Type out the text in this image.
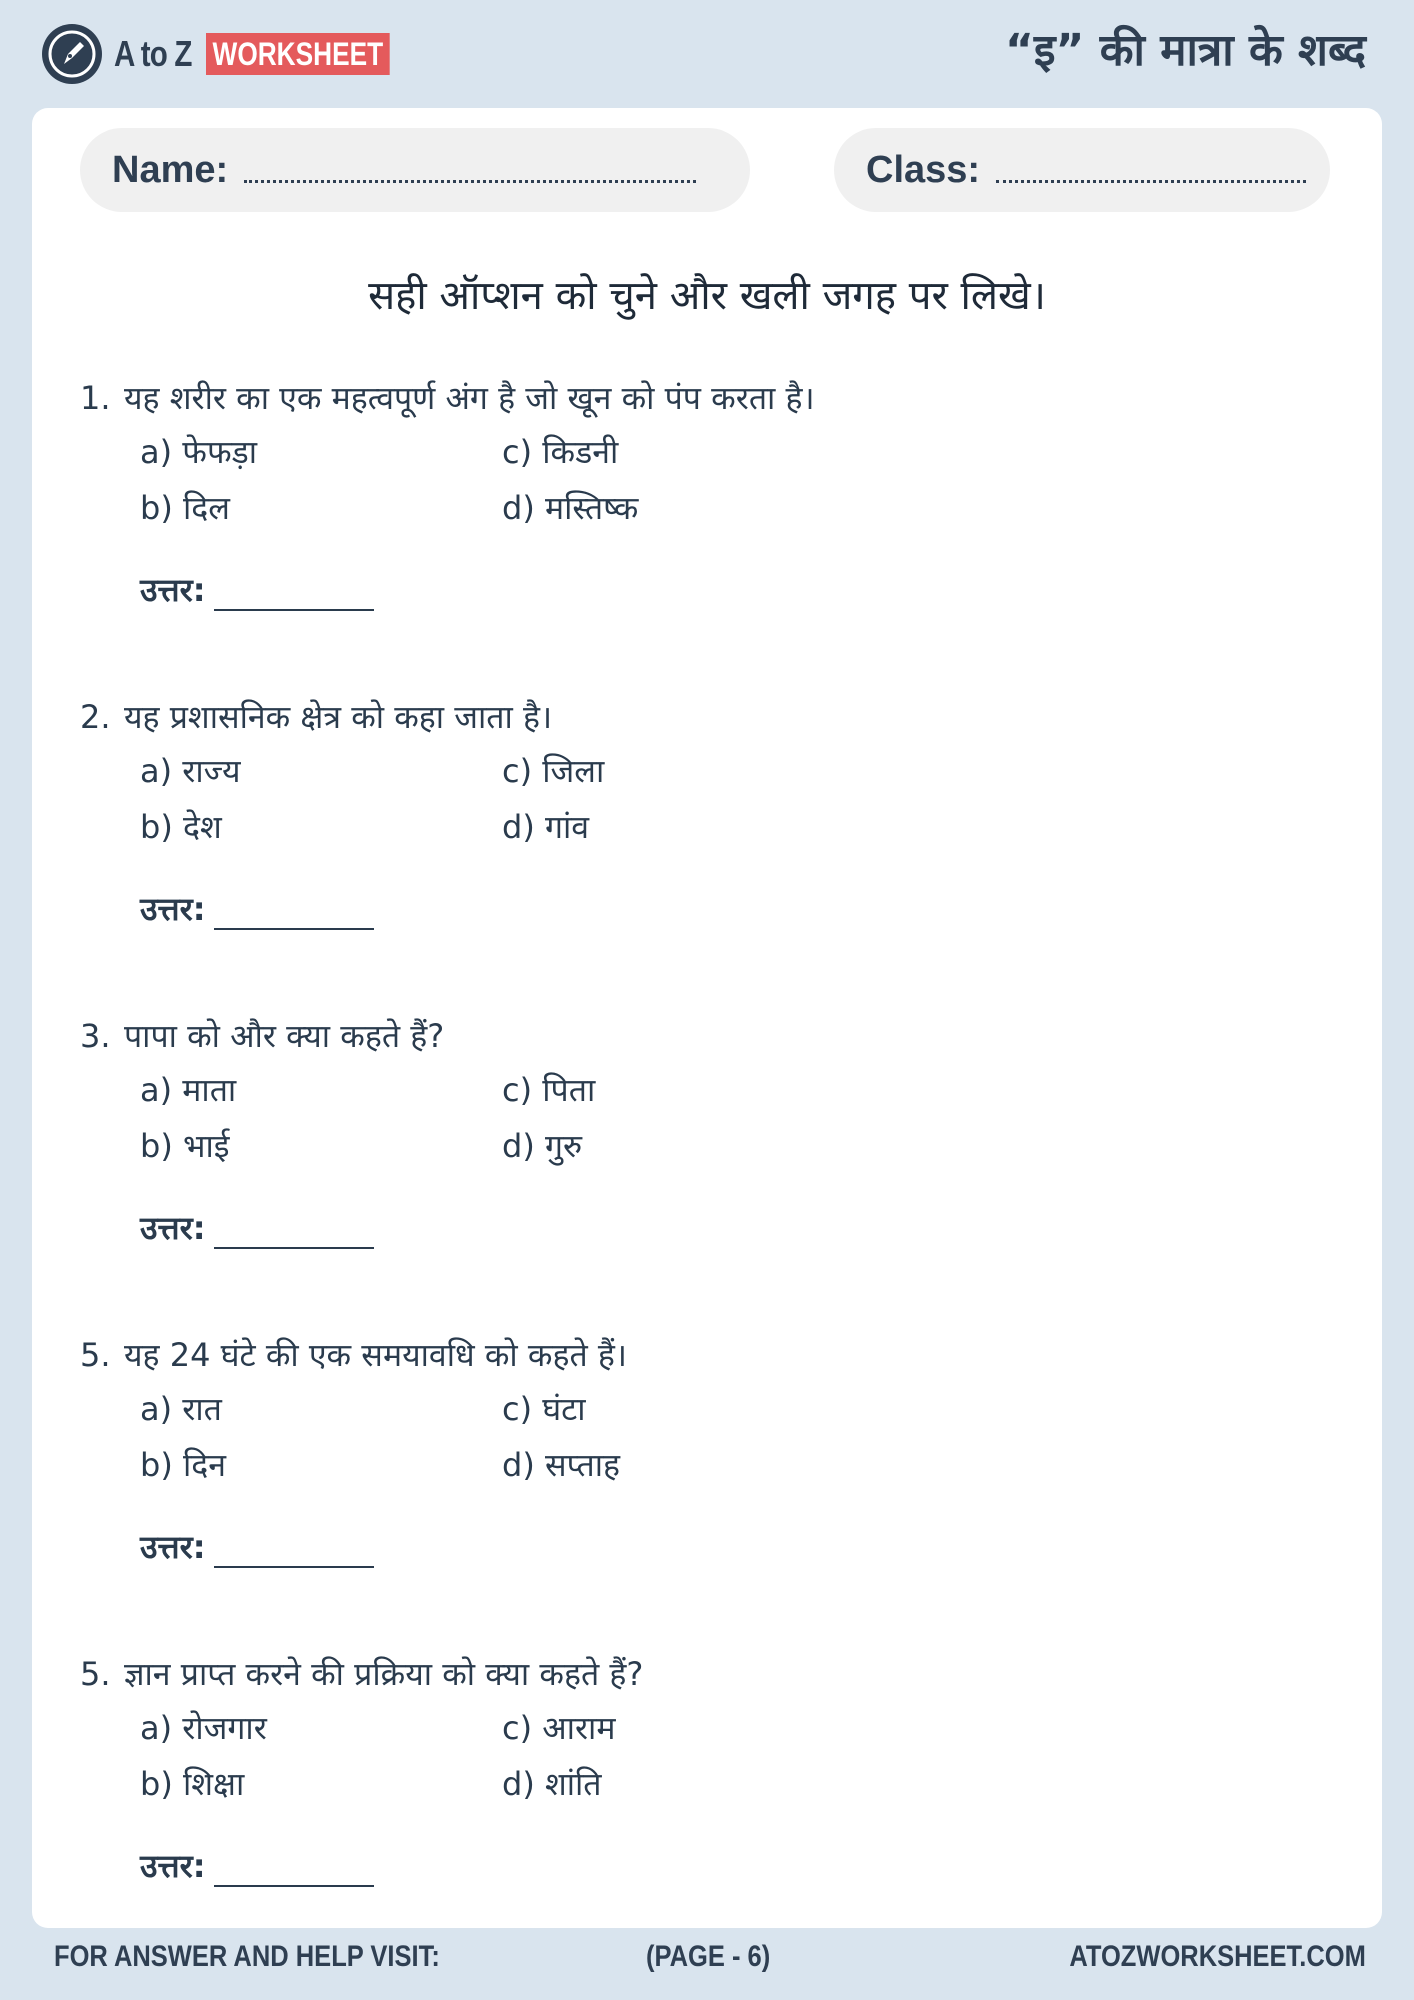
A to Z WORKSHEET	“इ” की मात्रा के शब्द
Name:	Class:
सही ऑप्शन को चुने और खली जगह पर लिखे।
1. यह शरीर का एक महत्वपूर्ण अंग है जो खून को पंप करता है।
a) फेफड़ा
b) दिल
c) किडनी
d) मस्तिष्क
उत्तर:
2. यह प्रशासनिक क्षेत्र को कहा जाता है।
a) राज्य
b) देश
c) जिला
d) गांव
उत्तर:
3. पापा को और क्या कहते हैं?
a) माता
b) भाई
c) पिता
d) गुरु
उत्तर:
5. यह 24 घंटे की एक समयावधि को कहते हैं।
a) रात
b) दिन
c) घंटा
d) सप्ताह
उत्तर:
5. ज्ञान प्राप्त करने की प्रक्रिया को क्या कहते हैं?
a) रोजगार
b) शिक्षा
c) आराम
d) शांति
उत्तर:
FOR ANSWER AND HELP VISIT:	(PAGE - 6)	ATOZWORKSHEET.COM
